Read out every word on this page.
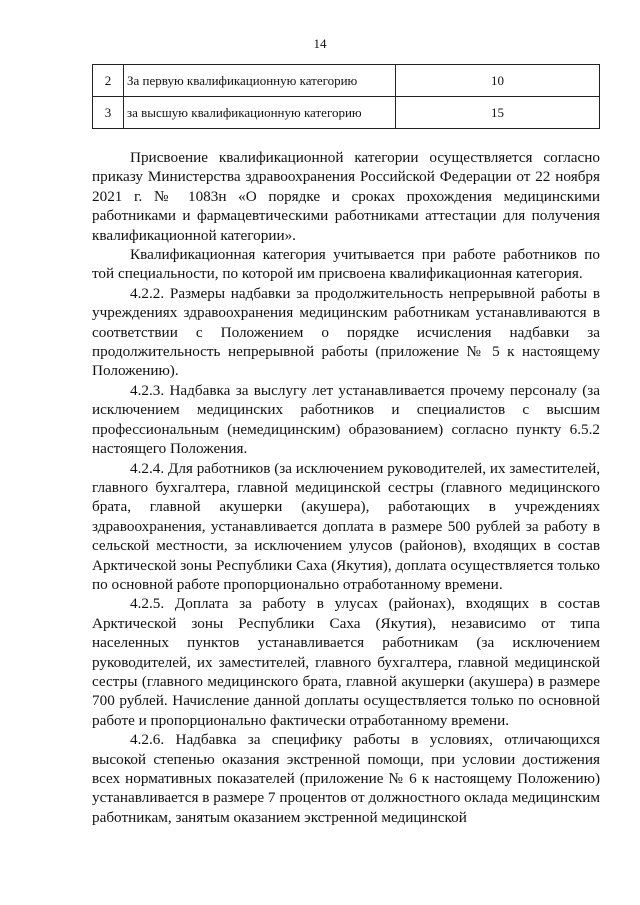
14
2	За первую квалификационную категорию	10
3	за высшую квалификационную категорию	15

Присвоение квалификационной категории осуществляется согласно приказу Министерства здравоохранения Российской Федерации от 22 ноября 2021 г. № 1083н «О порядке и сроках прохождения медицинскими работниками и фармацевтическими работниками аттестации для получения квалификационной категории».

Квалификационная категория учитывается при работе работников по той специальности, по которой им присвоена квалификационная категория.

4.2.2. Размеры надбавки за продолжительность непрерывной работы в учреждениях здравоохранения медицинским работникам устанавливаются в соответствии с Положением о порядке исчисления надбавки за продолжительность непрерывной работы (приложение № 5 к настоящему Положению).

4.2.3. Надбавка за выслугу лет устанавливается прочему персоналу (за исключением медицинских работников и специалистов с высшим профессиональным (немедицинским) образованием) согласно пункту 6.5.2 настоящего Положения.

4.2.4. Для работников (за исключением руководителей, их заместителей, главного бухгалтера, главной медицинской сестры (главного медицинского брата, главной акушерки (акушера), работающих в учреждениях здравоохранения, устанавливается доплата в размере 500 рублей за работу в сельской местности, за исключением улусов (районов), входящих в состав Арктической зоны Республики Саха (Якутия), доплата осуществляется только по основной работе пропорционально отработанному времени.

4.2.5. Доплата за работу в улусах (районах), входящих в состав Арктической зоны Республики Саха (Якутия), независимо от типа населенных пунктов устанавливается работникам (за исключением руководителей, их заместителей, главного бухгалтера, главной медицинской сестры (главного медицинского брата, главной акушерки (акушера) в размере 700 рублей. Начисление данной доплаты осуществляется только по основной работе и пропорционально фактически отработанному времени.

4.2.6. Надбавка за специфику работы в условиях, отличающихся высокой степенью оказания экстренной помощи, при условии достижения всех нормативных показателей (приложение № 6 к настоящему Положению) устанавливается в размере 7 процентов от должностного оклада медицинским работникам, занятым оказанием экстренной медицинской
